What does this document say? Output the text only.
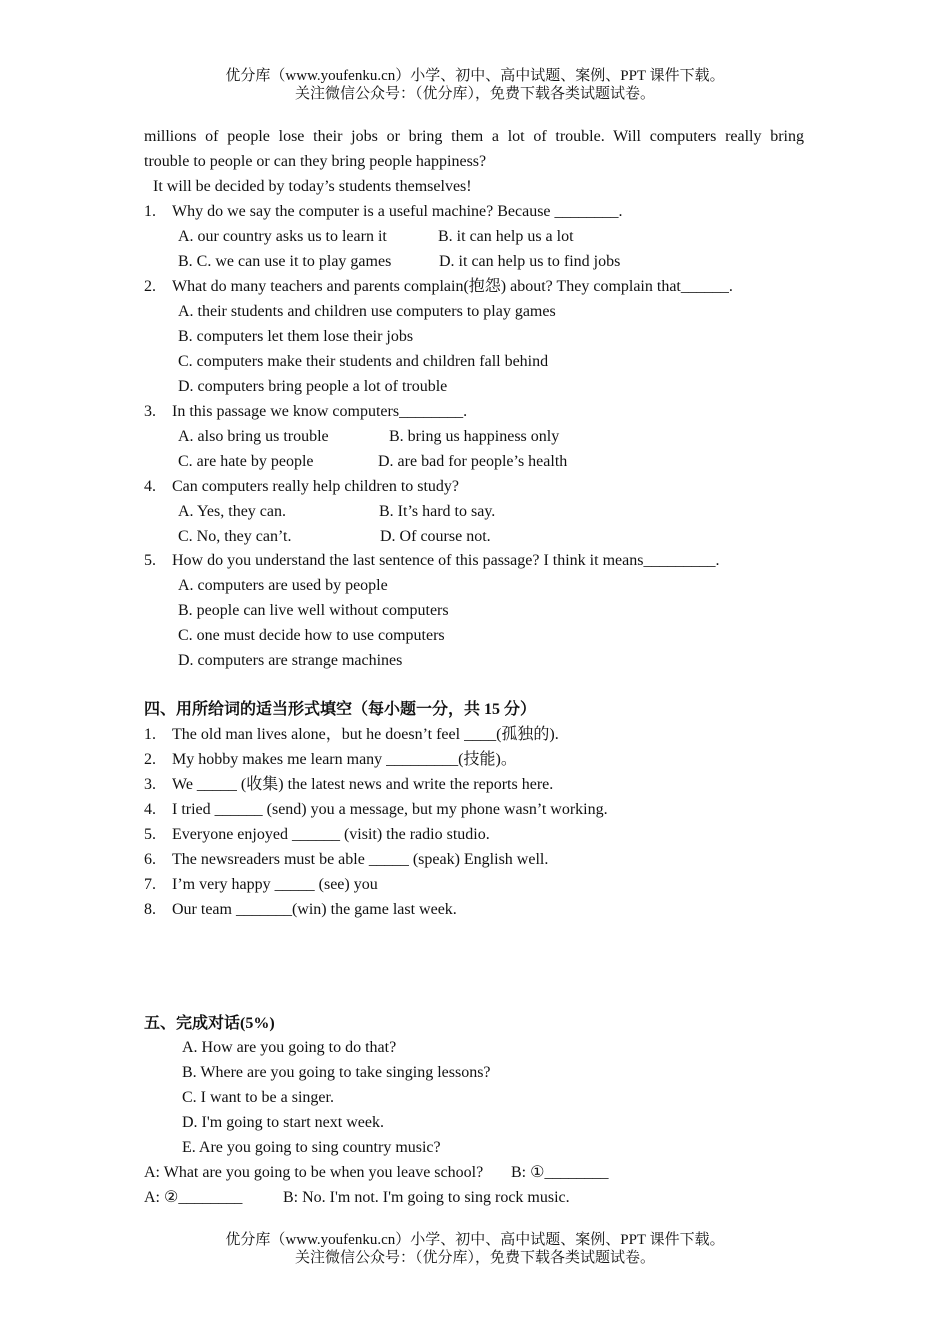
优分库（www.youfenku.cn）小学、初中、高中试题、案例、PPT 课件下载。
关注微信公众号：（优分库），免费下载各类试题试卷。
millions of people lose their jobs or bring them a lot of trouble. Will computers really bring
trouble to people or can they bring people happiness?
It will be decided by today’s students themselves!
1. Why do we say the computer is a useful machine? Because ________.
A. our country asks us to learn it	B. it can help us a lot
B. C. we can use it to play games	D. it can help us to find jobs
2. What do many teachers and parents complain(抱怨) about? They complain that______.
A. their students and children use computers to play games
B. computers let them lose their jobs
C. computers make their students and children fall behind
D. computers bring people a lot of trouble
3. In this passage we know computers________.
A. also bring us trouble	B. bring us happiness only
C. are hate by people	D. are bad for people’s health
4. Can computers really help children to study?
A. Yes, they can.	B. It’s hard to say.
C. No, they can’t.	D. Of course not.
5. How do you understand the last sentence of this passage? I think it means_________.
A. computers are used by people
B. people can live well without computers
C. one must decide how to use computers
D. computers are strange machines
四、用所给词的适当形式填空（每小题一分，共 15 分）
1. The old man lives alone，but he doesn’t feel ____(孤独的).
2. My hobby makes me learn many _________(技能)。
3. We _____ (收集) the latest news and write the reports here.
4. I tried ______ (send) you a message, but my phone wasn’t working.
5. Everyone enjoyed ______ (visit) the radio studio.
6. The newsreaders must be able _____ (speak) English well.
7. I’m very happy _____ (see) you
8. Our team _______(win) the game last week.
五、完成对话(5%)
A. How are you going to do that?
B. Where are you going to take singing lessons?
C. I want to be a singer.
D. I'm going to start next week.
E. Are you going to sing country music?
A: What are you going to be when you leave school? B: ①________
A: ②________	B: No. I'm not. I'm going to sing rock music.
优分库（www.youfenku.cn）小学、初中、高中试题、案例、PPT 课件下载。
关注微信公众号：（优分库），免费下载各类试题试卷。
